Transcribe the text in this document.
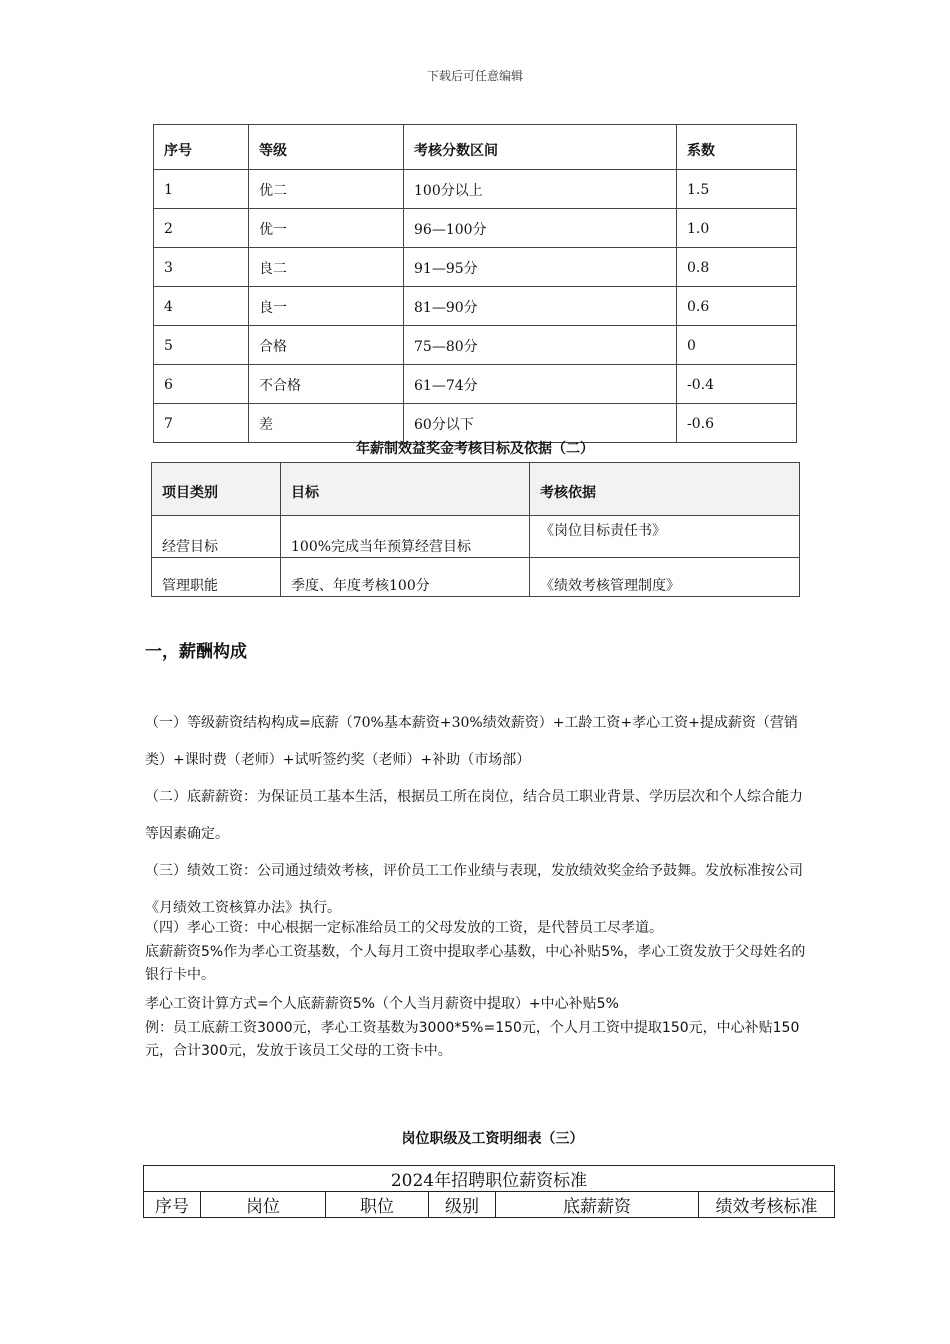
下载后可任意编辑
序号	等级	考核分数区间	系数
1	优二	100分以上	1.5
2	优一	96—100分	1.0
3	良二	91—95分	0.8
4	良一	81—90分	0.6
5	合格	75—80分	0
6	不合格	61—74分	-0.4
7	差	60分以下	-0.6
年薪制效益奖金考核目标及依据（二）
项目类别	目标	考核依据
经营目标	100%完成当年预算经营目标	《岗位目标责任书》
管理职能	季度、年度考核100分	《绩效考核管理制度》
一，薪酬构成
（一）等级薪资结构构成=底薪（70%基本薪资+30%绩效薪资）+工龄工资+孝心工资+提成薪资（营销类）+课时费（老师）+试听签约奖（老师）+补助（市场部）
（二）底薪薪资：为保证员工基本生活，根据员工所在岗位，结合员工职业背景、学历层次和个人综合能力等因素确定。
（三）绩效工资：公司通过绩效考核，评价员工工作业绩与表现，发放绩效奖金给予鼓舞。发放标准按公司《月绩效工资核算办法》执行。
（四）孝心工资：中心根据一定标准给员工的父母发放的工资，是代替员工尽孝道。
底薪薪资5%作为孝心工资基数，个人每月工资中提取孝心基数，中心补贴5%，孝心工资发放于父母姓名的银行卡中。
孝心工资计算方式=个人底薪薪资5%（个人当月薪资中提取）+中心补贴5%
例：员工底薪工资3000元，孝心工资基数为3000*5%=150元，个人月工资中提取150元，中心补贴150元，合计300元，发放于该员工父母的工资卡中。
岗位职级及工资明细表（三）
2024年招聘职位薪资标准
序号	岗位	职位	级别	底薪薪资	绩效考核标准
